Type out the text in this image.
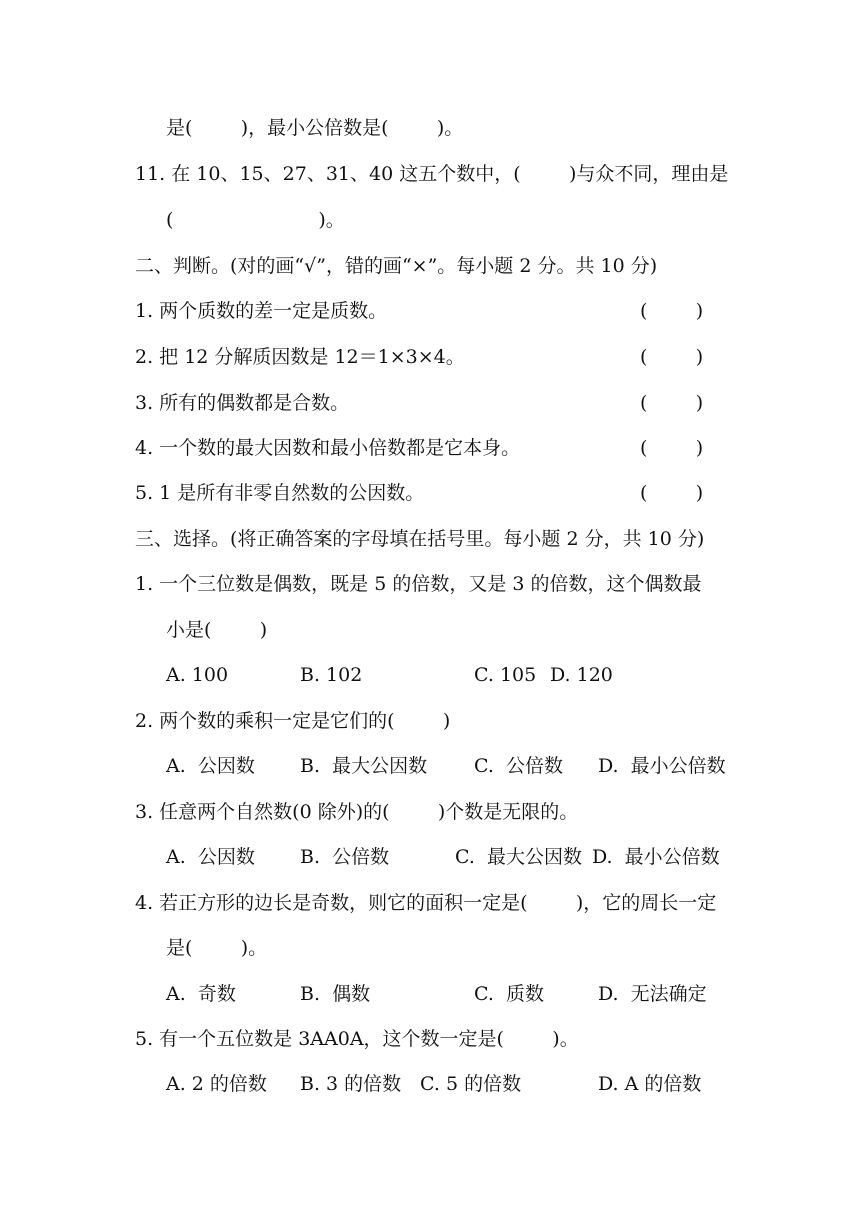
是(        )，最小公倍数是(        )。
11. 在 10、15、27、31、40 这五个数中，(        )与众不同，理由是
(                        )。
二、判断。(对的画“√”，错的画“×”。每小题 2 分。共 10 分)
1. 两个质数的差一定是质数。	(        )
2. 把 12 分解质因数是 12＝1×3×4。	(        )
3. 所有的偶数都是合数。	(        )
4. 一个数的最大因数和最小倍数都是它本身。	(        )
5. 1 是所有非零自然数的公因数。	(        )
三、选择。(将正确答案的字母填在括号里。每小题 2 分，共 10 分)
1. 一个三位数是偶数，既是 5 的倍数，又是 3 的倍数，这个偶数最
小是(        )
A. 100	B. 102	C. 105 D. 120
2. 两个数的乘积一定是它们的(        )
A.  公因数 B.  最大公因数 C.  公倍数 D.  最小公倍数
3. 任意两个自然数(0 除外)的(        )个数是无限的。
A.  公因数 B.  公倍数	C.  最大公因数 D.  最小公倍数
4. 若正方形的边长是奇数，则它的面积一定是(        )，它的周长一定
是(        )。
A.  奇数	B.  偶数	C.  质数	D.  无法确定
5. 有一个五位数是 3AA0A，这个数一定是(        )。
A. 2 的倍数 B. 3 的倍数 C. 5 的倍数	D. A 的倍数
